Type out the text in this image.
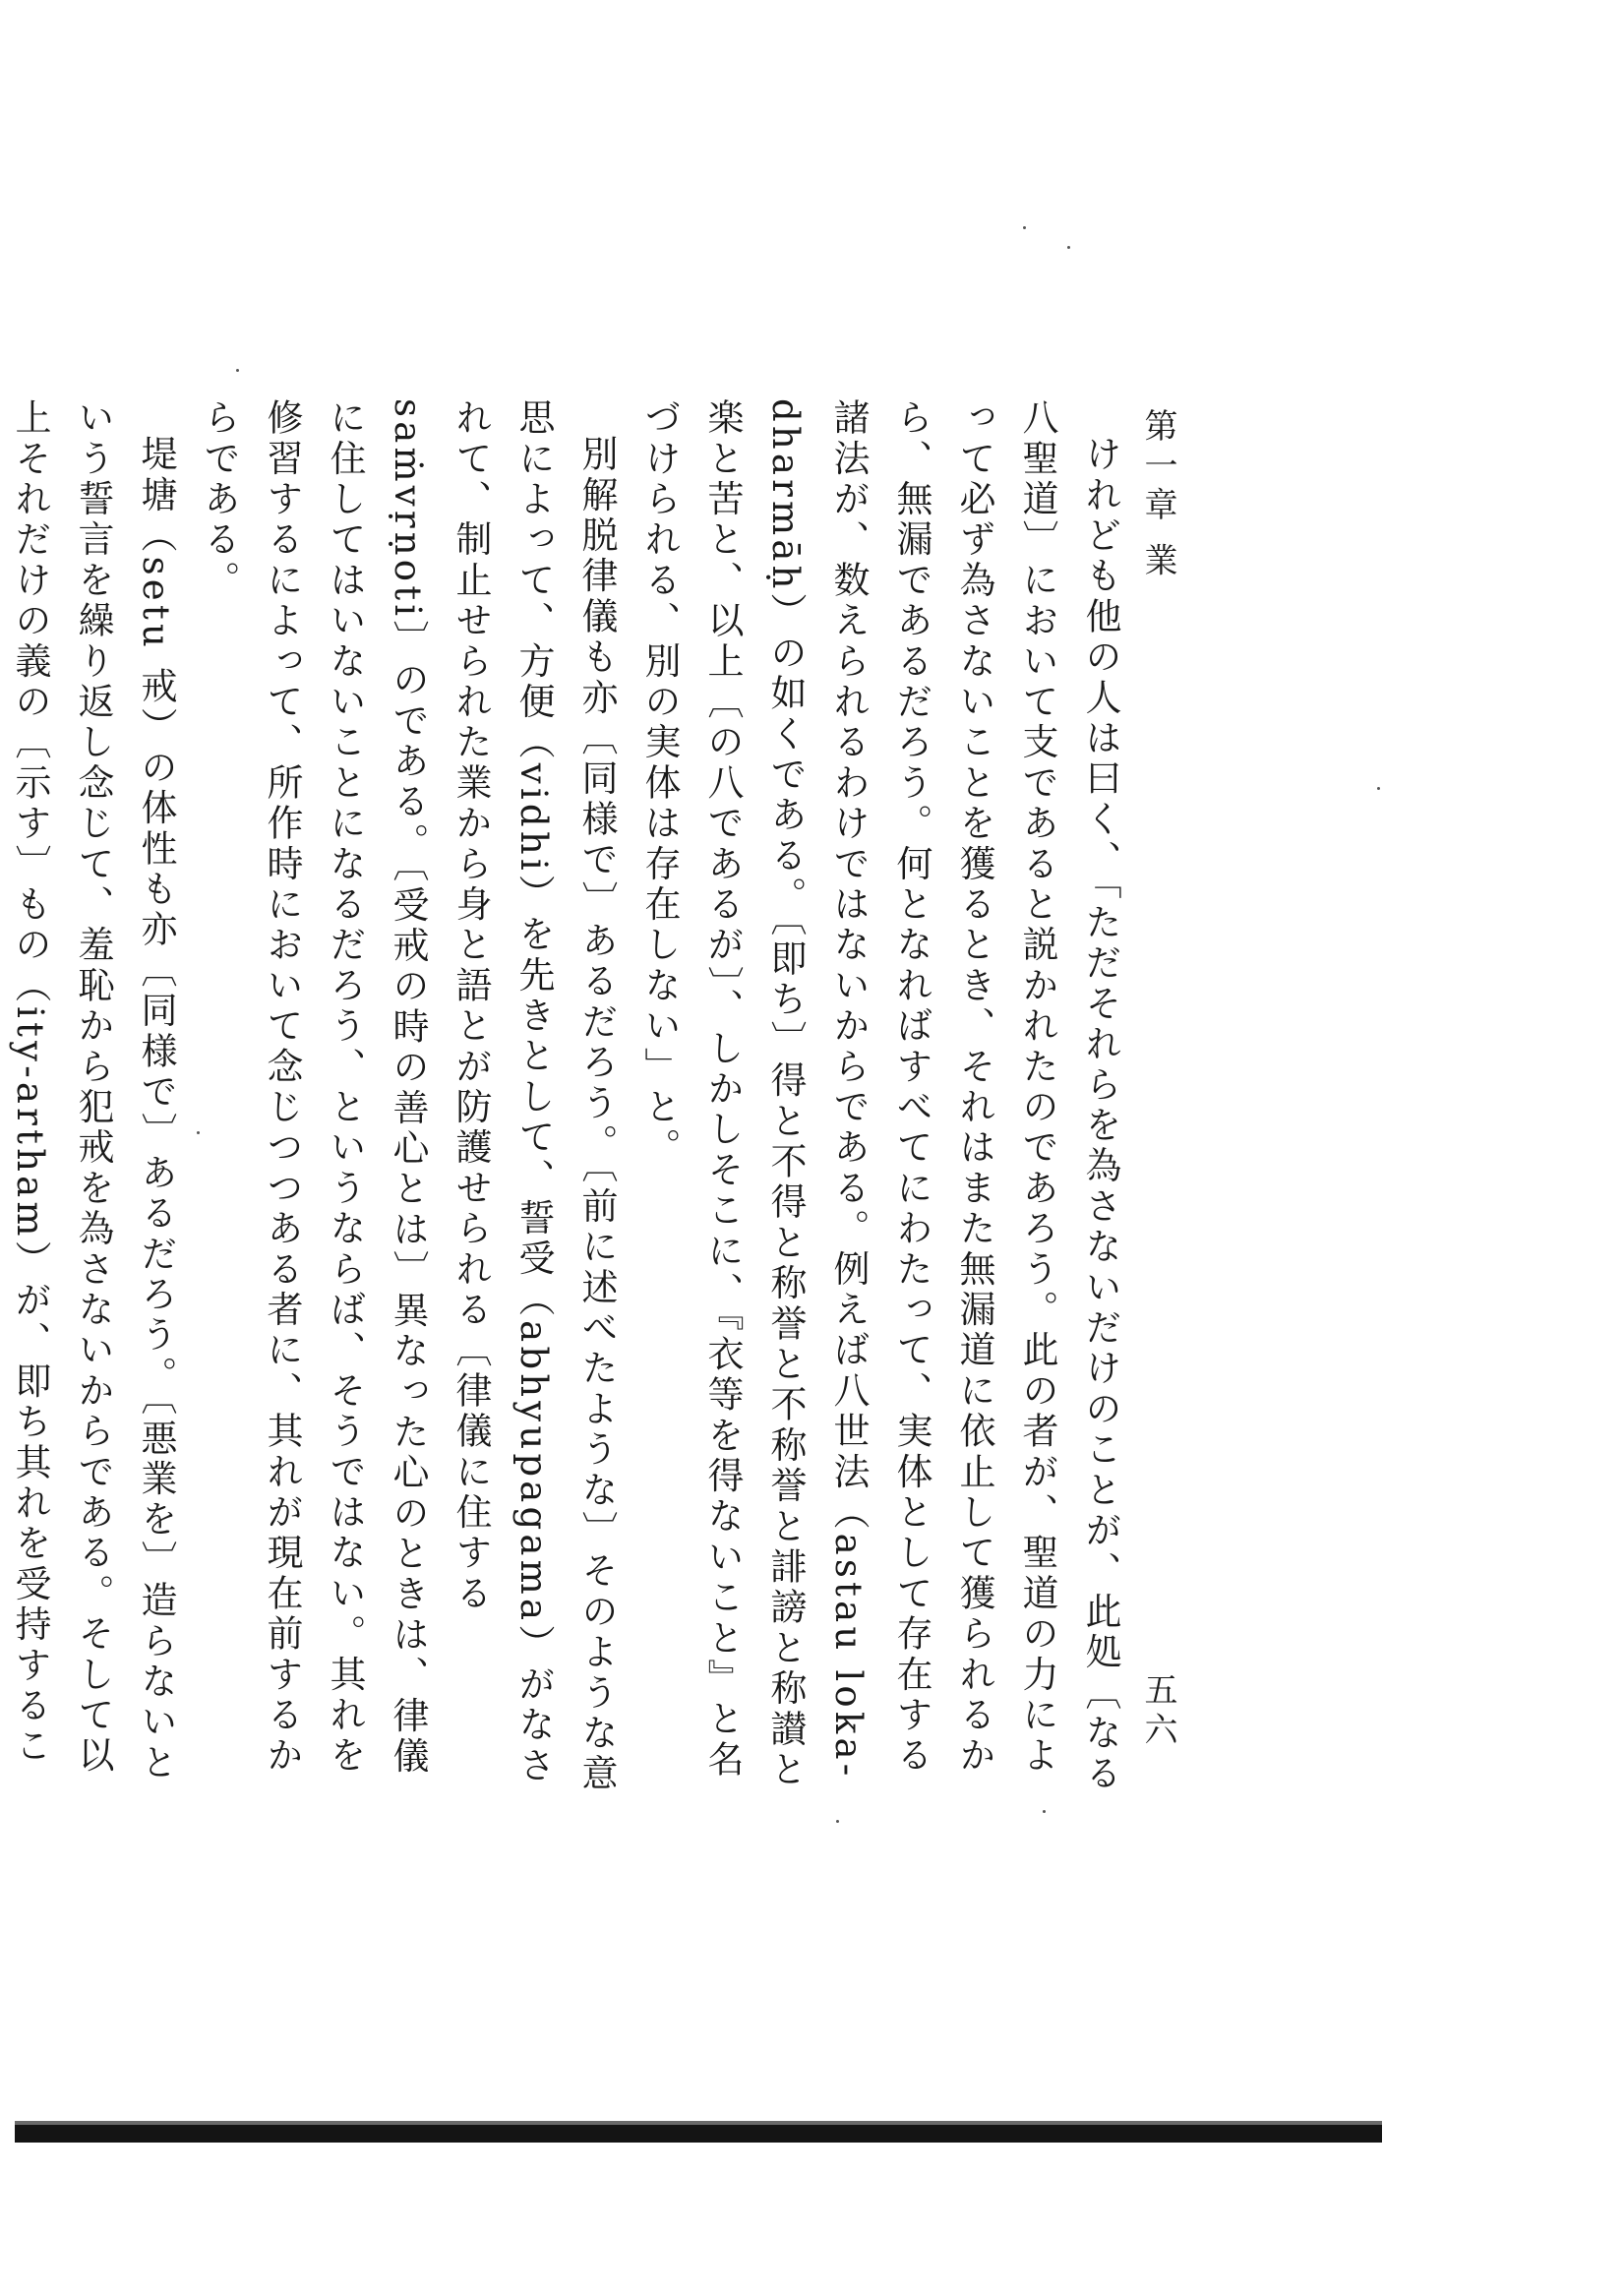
第一章 業
五六

けれども他の人は曰く、「ただそれらを為さないだけのことが、此処〔なる八聖道〕において支であると説かれたのであろう。此の者が、聖道の力によって必ず為さないことを獲るとき、それはまた無漏道に依止して獲られるから、無漏であるだろう。何となればすべてにわたって、実体として存在する諸法が、数えられるわけではないからである。例えば八世法（astau loka-dharmāḥ）の如くである。〔即ち〕得と不得と称誉と不称誉と誹謗と称讃と楽と苦と、以上〔の八であるが〕、しかしそこに、『衣等を得ないこと』と名づけられる、別の実体は存在しない」と。

別解脱律儀も亦〔同様で〕あるだろう。〔前に述べたような〕そのような意思によって、方便（vidhi）を先きとして、誓受（abhyupagama）がなされて、制止せられた業から身と語とが防護せられる〔律儀に住する saṁvṛṇoti〕のである。〔受戒の時の善心とは〕異なった心のときは、律儀に住してはいないことになるだろう、というならば、そうではない。其れを修習するによって、所作時において念じつつある者に、其れが現在前するからである。

堤塘（setu 戒）の体性も亦〔同様で〕あるだろう。〔悪業を〕造らないという誓言を繰り返し念じて、羞恥から犯戒を為さないからである。そして以上それだけの義の〔示す〕もの（ity-artham）が、即ち其れを受持するこ
